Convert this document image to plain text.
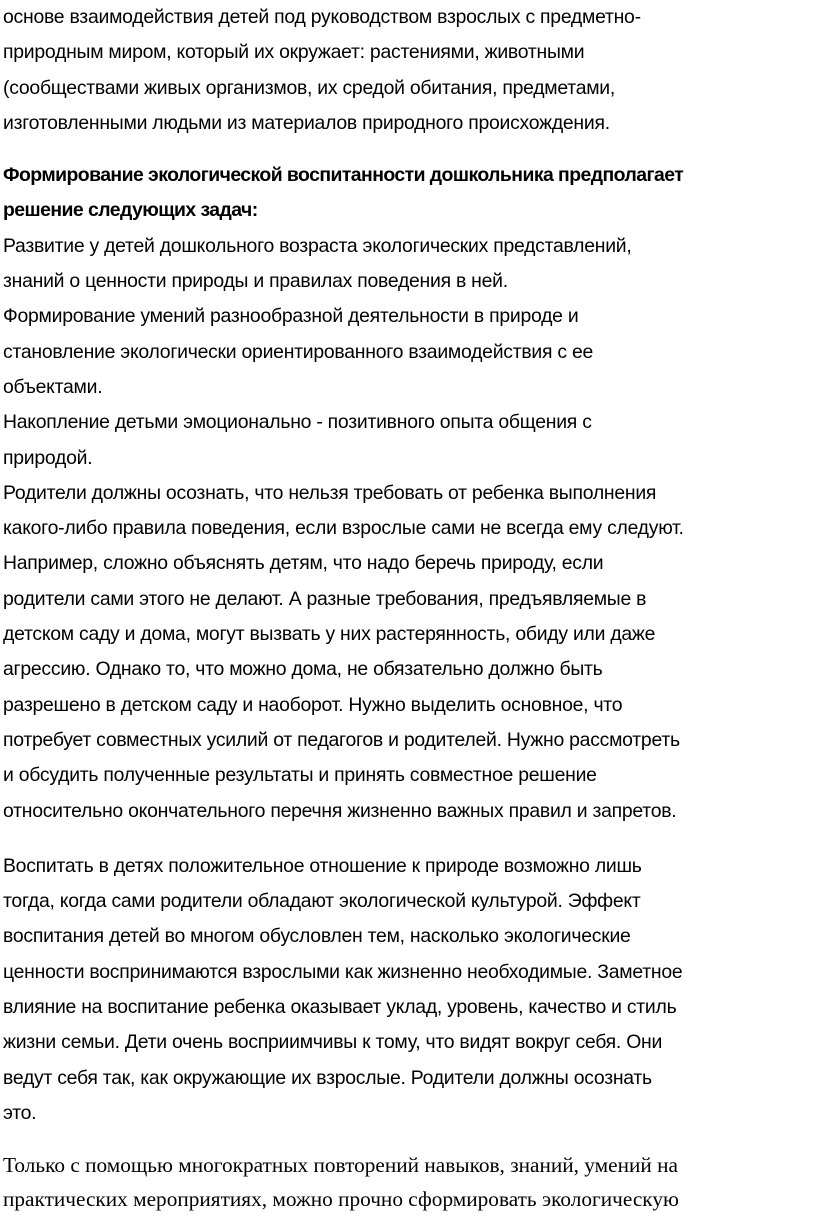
основе взаимодействия детей под руководством взрослых с предметно-
природным миром, который их окружает: растениями, животными
(сообществами живых организмов, их средой обитания, предметами,
изготовленными людьми из материалов природного происхождения.
Формирование экологической воспитанности дошкольника предполагает
решение следующих задач:
Развитие у детей дошкольного возраста экологических представлений,
знаний о ценности природы и правилах поведения в ней.
Формирование умений разнообразной деятельности в природе и
становление экологически ориентированного взаимодействия с ее
объектами.
Накопление детьми эмоционально - позитивного опыта общения с
природой.
Родители должны осознать, что нельзя требовать от ребенка выполнения
какого-либо правила поведения, если взрослые сами не всегда ему следуют.
Например, сложно объяснять детям, что надо беречь природу, если
родители сами этого не делают. А разные требования, предъявляемые в
детском саду и дома, могут вызвать у них растерянность, обиду или даже
агрессию. Однако то, что можно дома, не обязательно должно быть
разрешено в детском саду и наоборот. Нужно выделить основное, что
потребует совместных усилий от педагогов и родителей. Нужно рассмотреть
и обсудить полученные результаты и принять совместное решение
относительно окончательного перечня жизненно важных правил и запретов.
Воспитать в детях положительное отношение к природе возможно лишь
тогда, когда сами родители обладают экологической культурой. Эффект
воспитания детей во многом обусловлен тем, насколько экологические
ценности воспринимаются взрослыми как жизненно необходимые. Заметное
влияние на воспитание ребенка оказывает уклад, уровень, качество и стиль
жизни семьи. Дети очень восприимчивы к тому, что видят вокруг себя. Они
ведут себя так, как окружающие их взрослые. Родители должны осознать
это.
Только с помощью многократных повторений навыков, знаний, умений на
практических мероприятиях, можно прочно сформировать экологическую
